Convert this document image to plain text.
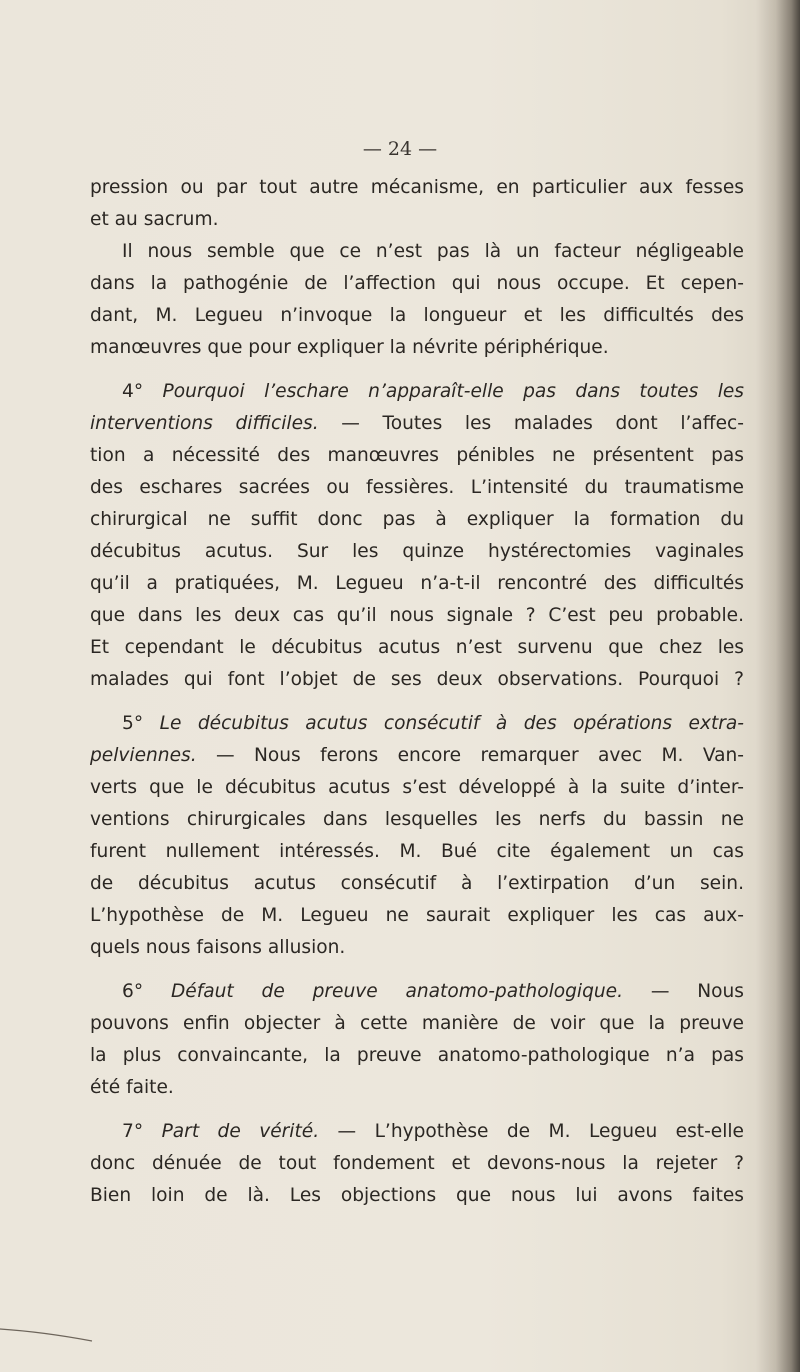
— 24 —
pression ou par tout autre mécanisme, en particulier aux fesses
et au sacrum.
Il nous semble que ce n’est pas là un facteur négligeable
dans la pathogénie de l’affection qui nous occupe. Et cepen-
dant, M. Legueu n’invoque la longueur et les difficultés des
manœuvres que pour expliquer la névrite périphérique.
4° Pourquoi l’eschare n’apparaît-elle pas dans toutes les
interventions difficiles. — Toutes les malades dont l’affec-
tion a nécessité des manœuvres pénibles ne présentent pas
des eschares sacrées ou fessières. L’intensité du traumatisme
chirurgical ne suffit donc pas à expliquer la formation du
décubitus acutus. Sur les quinze hystérectomies vaginales
qu’il a pratiquées, M. Legueu n’a-t-il rencontré des difficultés
que dans les deux cas qu’il nous signale ? C’est peu probable.
Et cependant le décubitus acutus n’est survenu que chez les
malades qui font l’objet de ses deux observations. Pourquoi ?
5° Le décubitus acutus consécutif à des opérations extra-
pelviennes. — Nous ferons encore remarquer avec M. Van-
verts que le décubitus acutus s’est développé à la suite d’inter-
ventions chirurgicales dans lesquelles les nerfs du bassin ne
furent nullement intéressés. M. Bué cite également un cas
de décubitus acutus consécutif à l’extirpation d’un sein.
L’hypothèse de M. Legueu ne saurait expliquer les cas aux-
quels nous faisons allusion.
6° Défaut de preuve anatomo-pathologique. — Nous
pouvons enfin objecter à cette manière de voir que la preuve
la plus convaincante, la preuve anatomo-pathologique n’a pas
été faite.
7° Part de vérité. — L’hypothèse de M. Legueu est-elle
donc dénuée de tout fondement et devons-nous la rejeter ?
Bien loin de là. Les objections que nous lui avons faites
